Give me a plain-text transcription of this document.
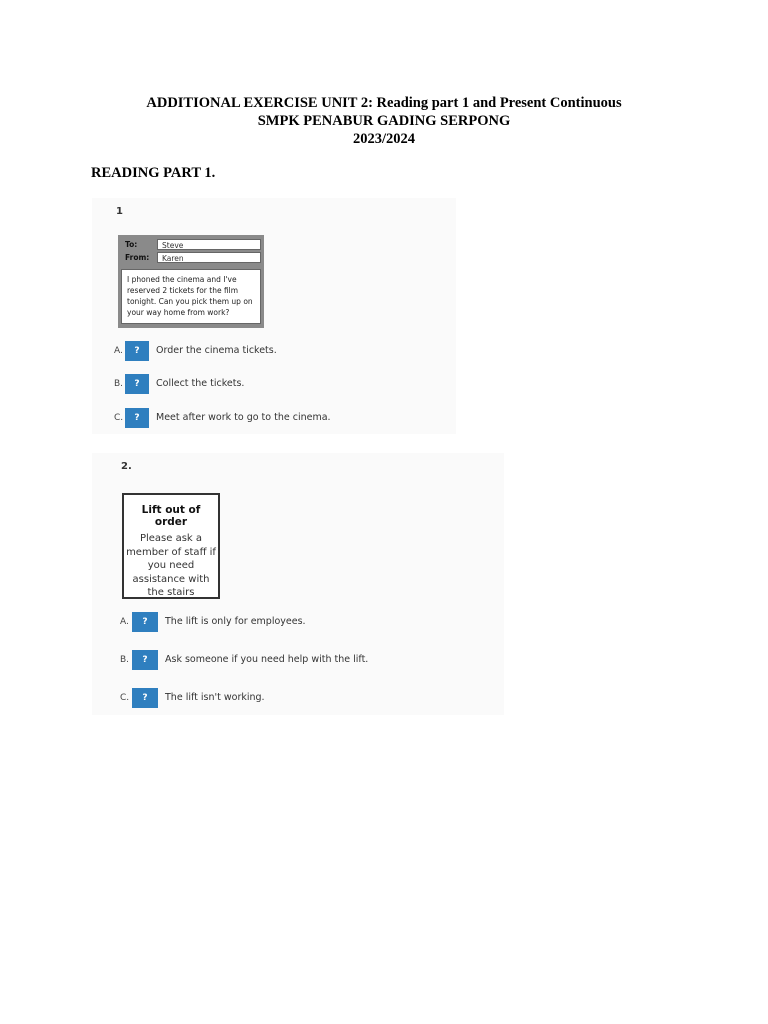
ADDITIONAL EXERCISE UNIT 2: Reading part 1 and Present Continuous
SMPK PENABUR GADING SERPONG
2023/2024
READING PART 1.
1
To:	Steve
From:	Karen
I phoned the cinema and I've reserved 2 tickets for the film tonight. Can you pick them up on your way home from work?
A.	?	Order the cinema tickets.
B.	?	Collect the tickets.
C.	?	Meet after work to go to the cinema.
2.
Lift out of order
Please ask a member of staff if you need assistance with the stairs
A.	?	The lift is only for employees.
B.	?	Ask someone if you need help with the lift.
C.	?	The lift isn't working.
